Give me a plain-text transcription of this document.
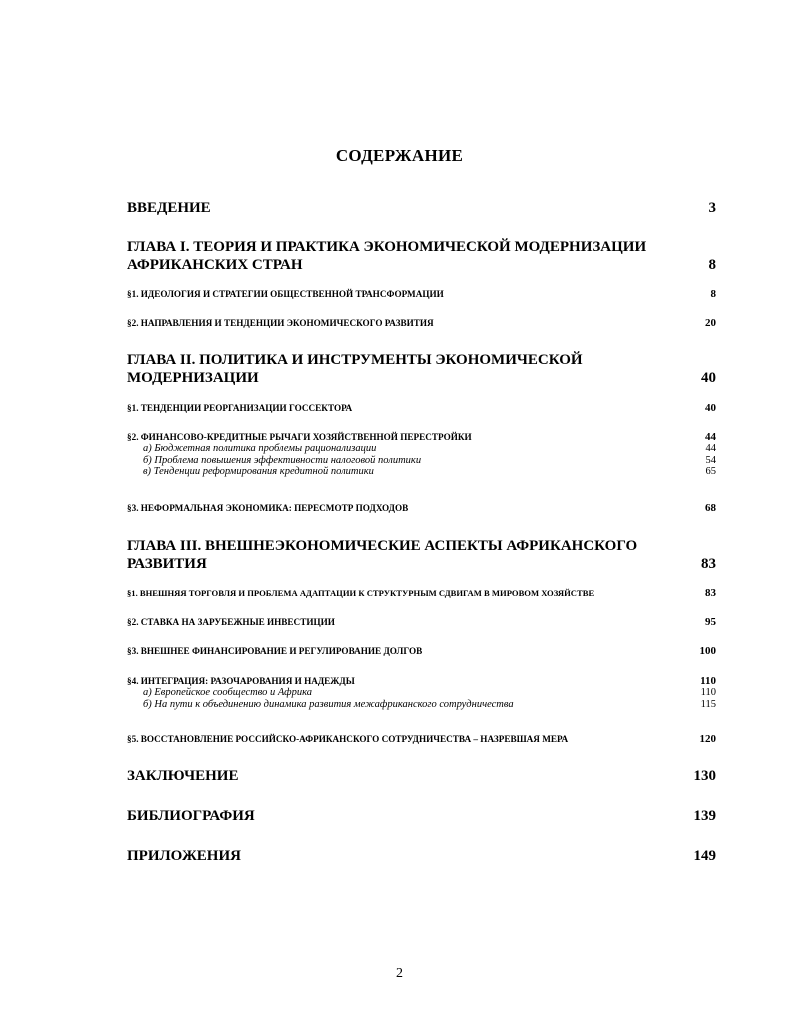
СОДЕРЖАНИЕ
ВВЕДЕНИЕ	3
ГЛАВА I. ТЕОРИЯ И ПРАКТИКА ЭКОНОМИЧЕСКОЙ МОДЕРНИЗАЦИИ
АФРИКАНСКИХ СТРАН	8
§1. ИДЕОЛОГИЯ И СТРАТЕГИИ ОБЩЕСТВЕННОЙ ТРАНСФОРМАЦИИ	8
§2. НАПРАВЛЕНИЯ И ТЕНДЕНЦИИ ЭКОНОМИЧЕСКОГО РАЗВИТИЯ	20
ГЛАВА II. ПОЛИТИКА И ИНСТРУМЕНТЫ ЭКОНОМИЧЕСКОЙ
МОДЕРНИЗАЦИИ	40
§1. ТЕНДЕНЦИИ РЕОРГАНИЗАЦИИ ГОССЕКТОРА	40
§2. ФИНАНСОВО-КРЕДИТНЫЕ РЫЧАГИ ХОЗЯЙСТВЕННОЙ ПЕРЕСТРОЙКИ	44
а) Бюджетная политика проблемы рационализации	44
б) Проблема повышения эффективности налоговой политики	54
в) Тенденции реформирования кредитной политики	65
§3. НЕФОРМАЛЬНАЯ ЭКОНОМИКА: ПЕРЕСМОТР ПОДХОДОВ	68
ГЛАВА III. ВНЕШНЕЭКОНОМИЧЕСКИЕ АСПЕКТЫ АФРИКАНСКОГО
РАЗВИТИЯ	83
§1. ВНЕШНЯЯ ТОРГОВЛЯ И ПРОБЛЕМА АДАПТАЦИИ К СТРУКТУРНЫМ СДВИГАМ В МИРОВОМ ХОЗЯЙСТВЕ	83
§2. СТАВКА НА ЗАРУБЕЖНЫЕ ИНВЕСТИЦИИ	95
§3. ВНЕШНЕЕ ФИНАНСИРОВАНИЕ И РЕГУЛИРОВАНИЕ ДОЛГОВ	100
§4. ИНТЕГРАЦИЯ: РАЗОЧАРОВАНИЯ И НАДЕЖДЫ	110
а) Европейское сообщество и Африка	110
б) На пути к объединению динамика развития межафриканского сотрудничества	115
§5. ВОССТАНОВЛЕНИЕ РОССИЙСКО-АФРИКАНСКОГО СОТРУДНИЧЕСТВА – НАЗРЕВШАЯ МЕРА	120
ЗАКЛЮЧЕНИЕ	130
БИБЛИОГРАФИЯ	139
ПРИЛОЖЕНИЯ	149
2
